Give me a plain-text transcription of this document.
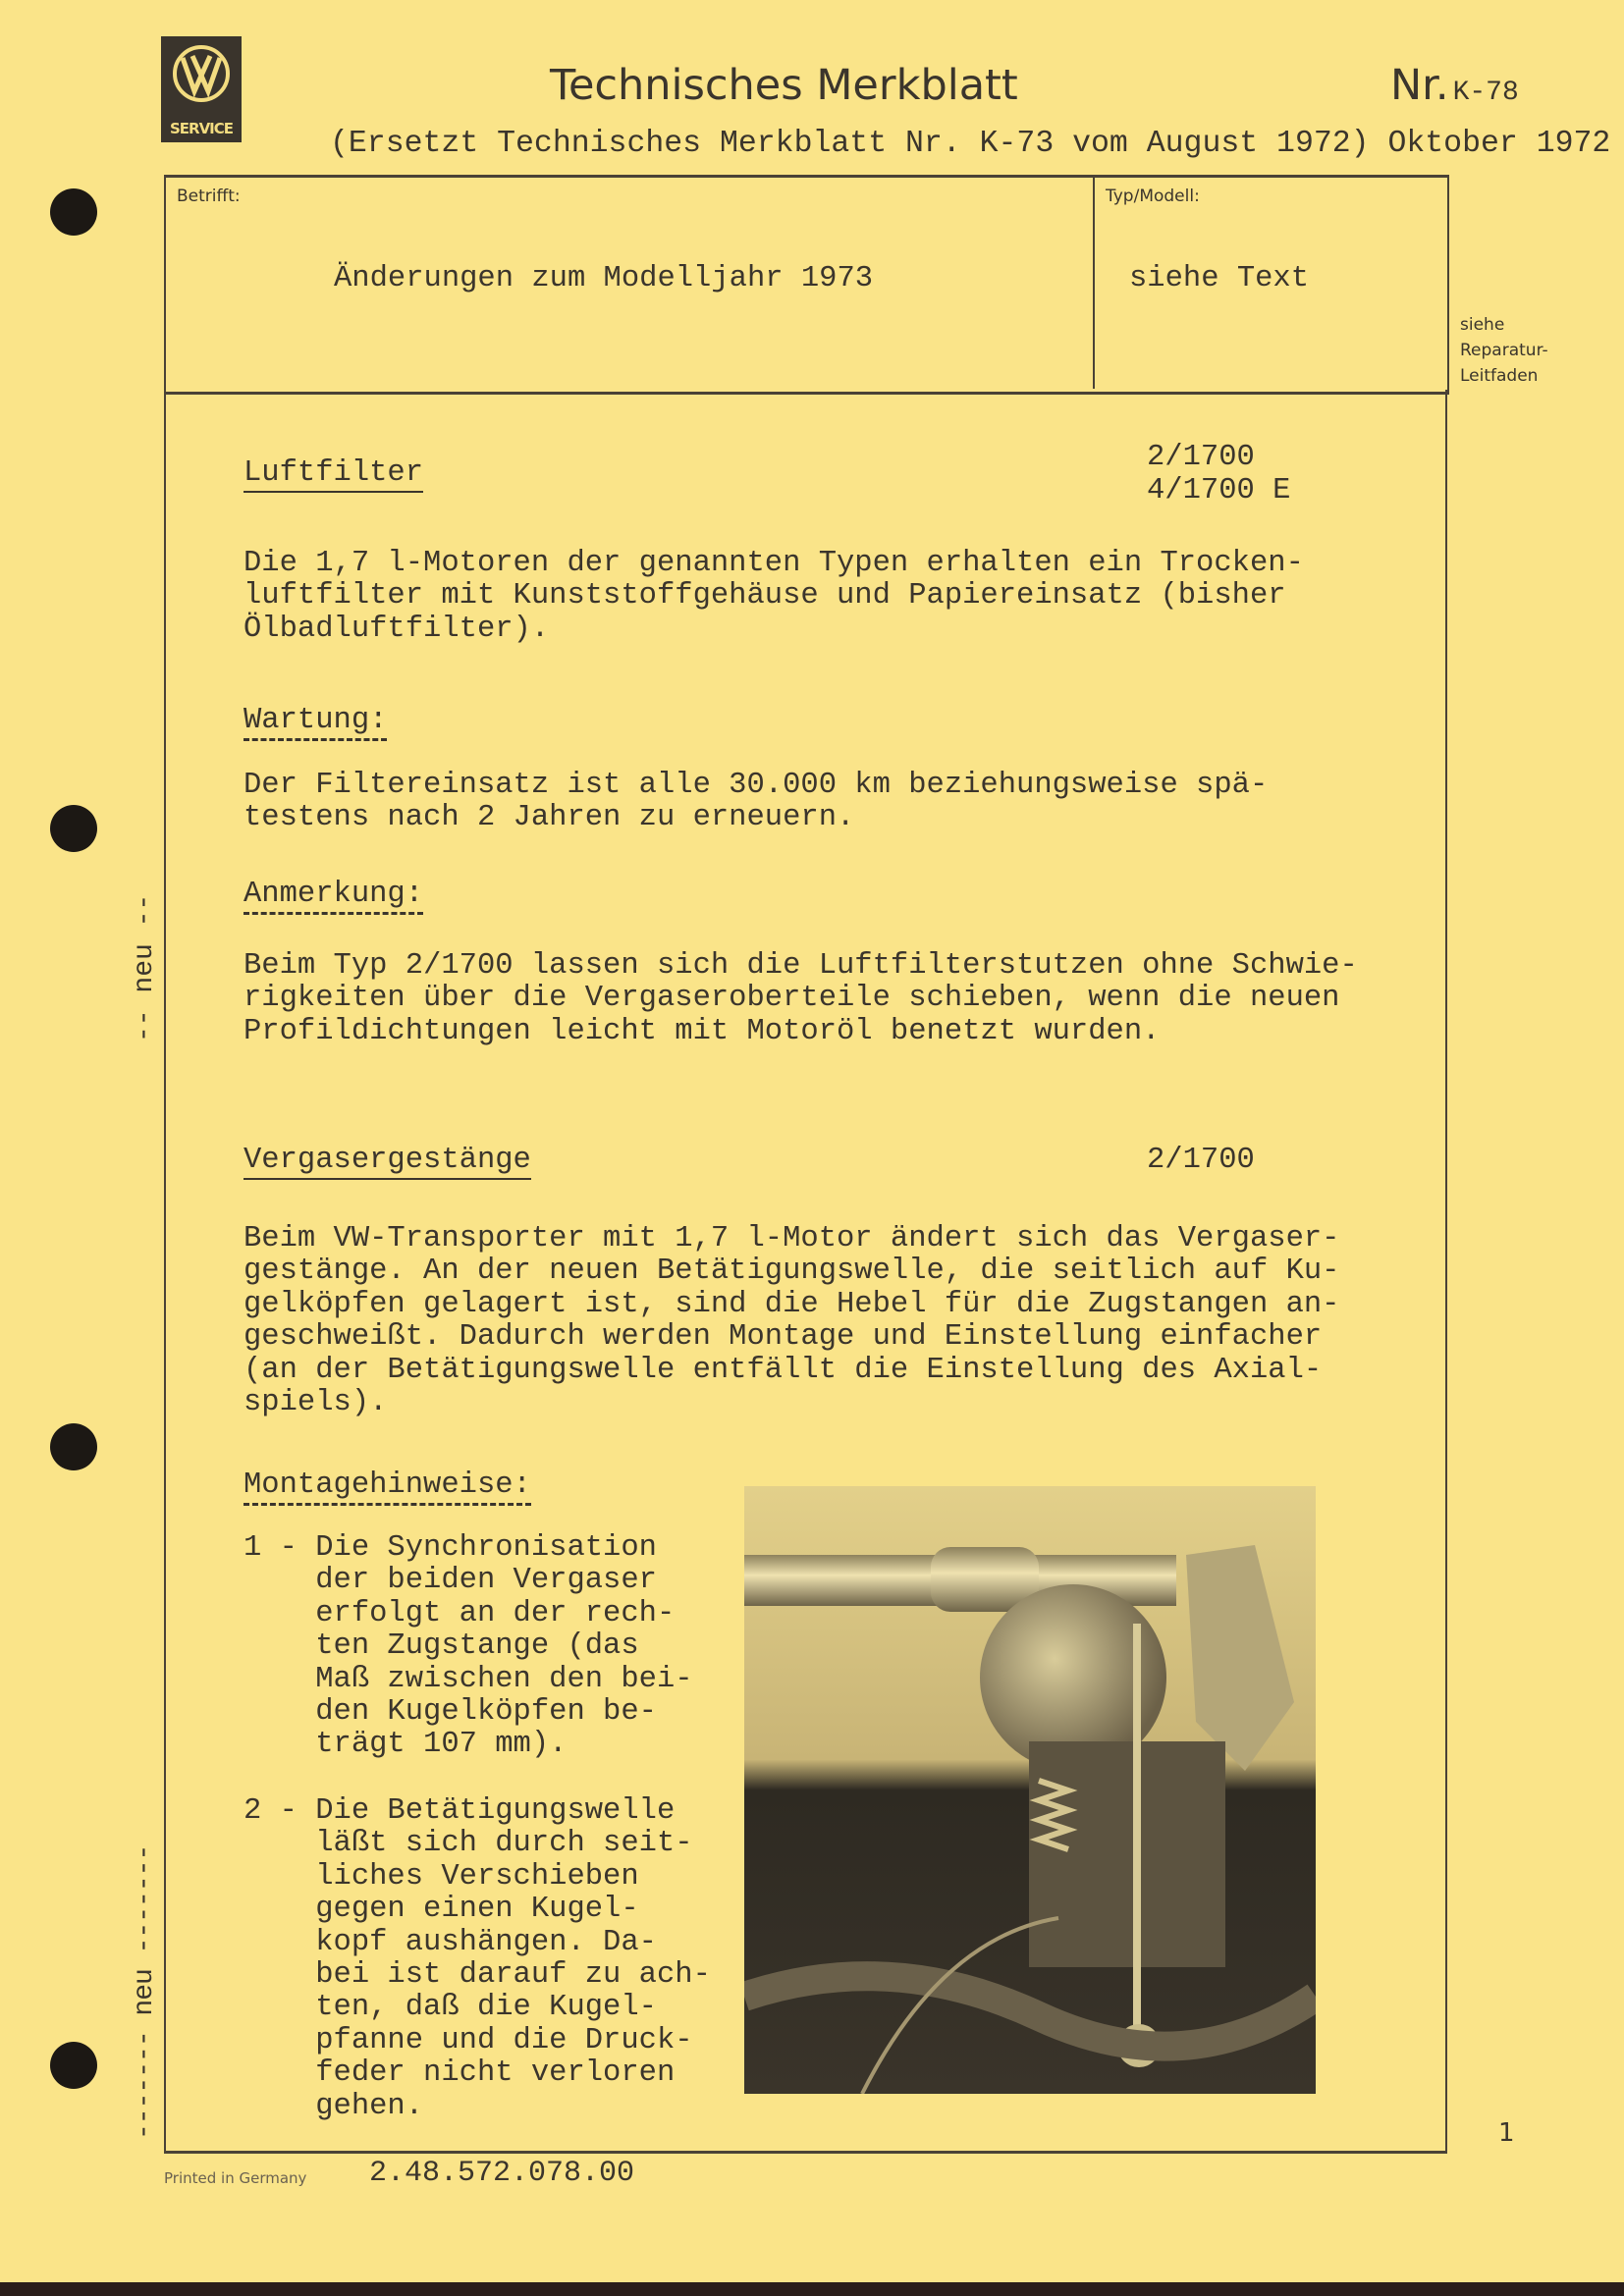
SERVICE
Technisches Merkblatt	Nr. K-78
(Ersetzt Technisches Merkblatt Nr. K-73 vom August 1972) Oktober 1972
Betrifft:
Änderungen zum Modelljahr 1973
Typ/Modell:
siehe Text
siehe
Reparatur-
Leitfaden
-- neu --
------- neu -------
Luftfilter	2/1700
4/1700 E
Die 1,7 l-Motoren der genannten Typen erhalten ein Trocken-
luftfilter mit Kunststoffgehäuse und Papiereinsatz (bisher
Ölbadluftfilter).
Wartung:
Der Filtereinsatz ist alle 30.000 km beziehungsweise spä-
testens nach 2 Jahren zu erneuern.
Anmerkung:
Beim Typ 2/1700 lassen sich die Luftfilterstutzen ohne Schwie-
rigkeiten über die Vergaseroberteile schieben, wenn die neuen
Profildichtungen leicht mit Motoröl benetzt wurden.
Vergasergestänge	2/1700
Beim VW-Transporter mit 1,7 l-Motor ändert sich das Vergaser-
gestänge. An der neuen Betätigungswelle, die seitlich auf Ku-
gelköpfen gelagert ist, sind die Hebel für die Zugstangen an-
geschweißt. Dadurch werden Montage und Einstellung einfacher
(an der Betätigungswelle entfällt die Einstellung des Axial-
spiels).
Montagehinweise:
1 - Die Synchronisation
der beiden Vergaser
erfolgt an der rech-
ten Zugstange (das
Maß zwischen den bei-
den Kugelköpfen be-
trägt 107 mm).
2 - Die Betätigungswelle
läßt sich durch seit-
liches Verschieben
gegen einen Kugel-
kopf aushängen. Da-
bei ist darauf zu ach-
ten, daß die Kugel-
pfanne und die Druck-
feder nicht verloren
gehen.
1
Printed in Germany 2.48.572.078.00
